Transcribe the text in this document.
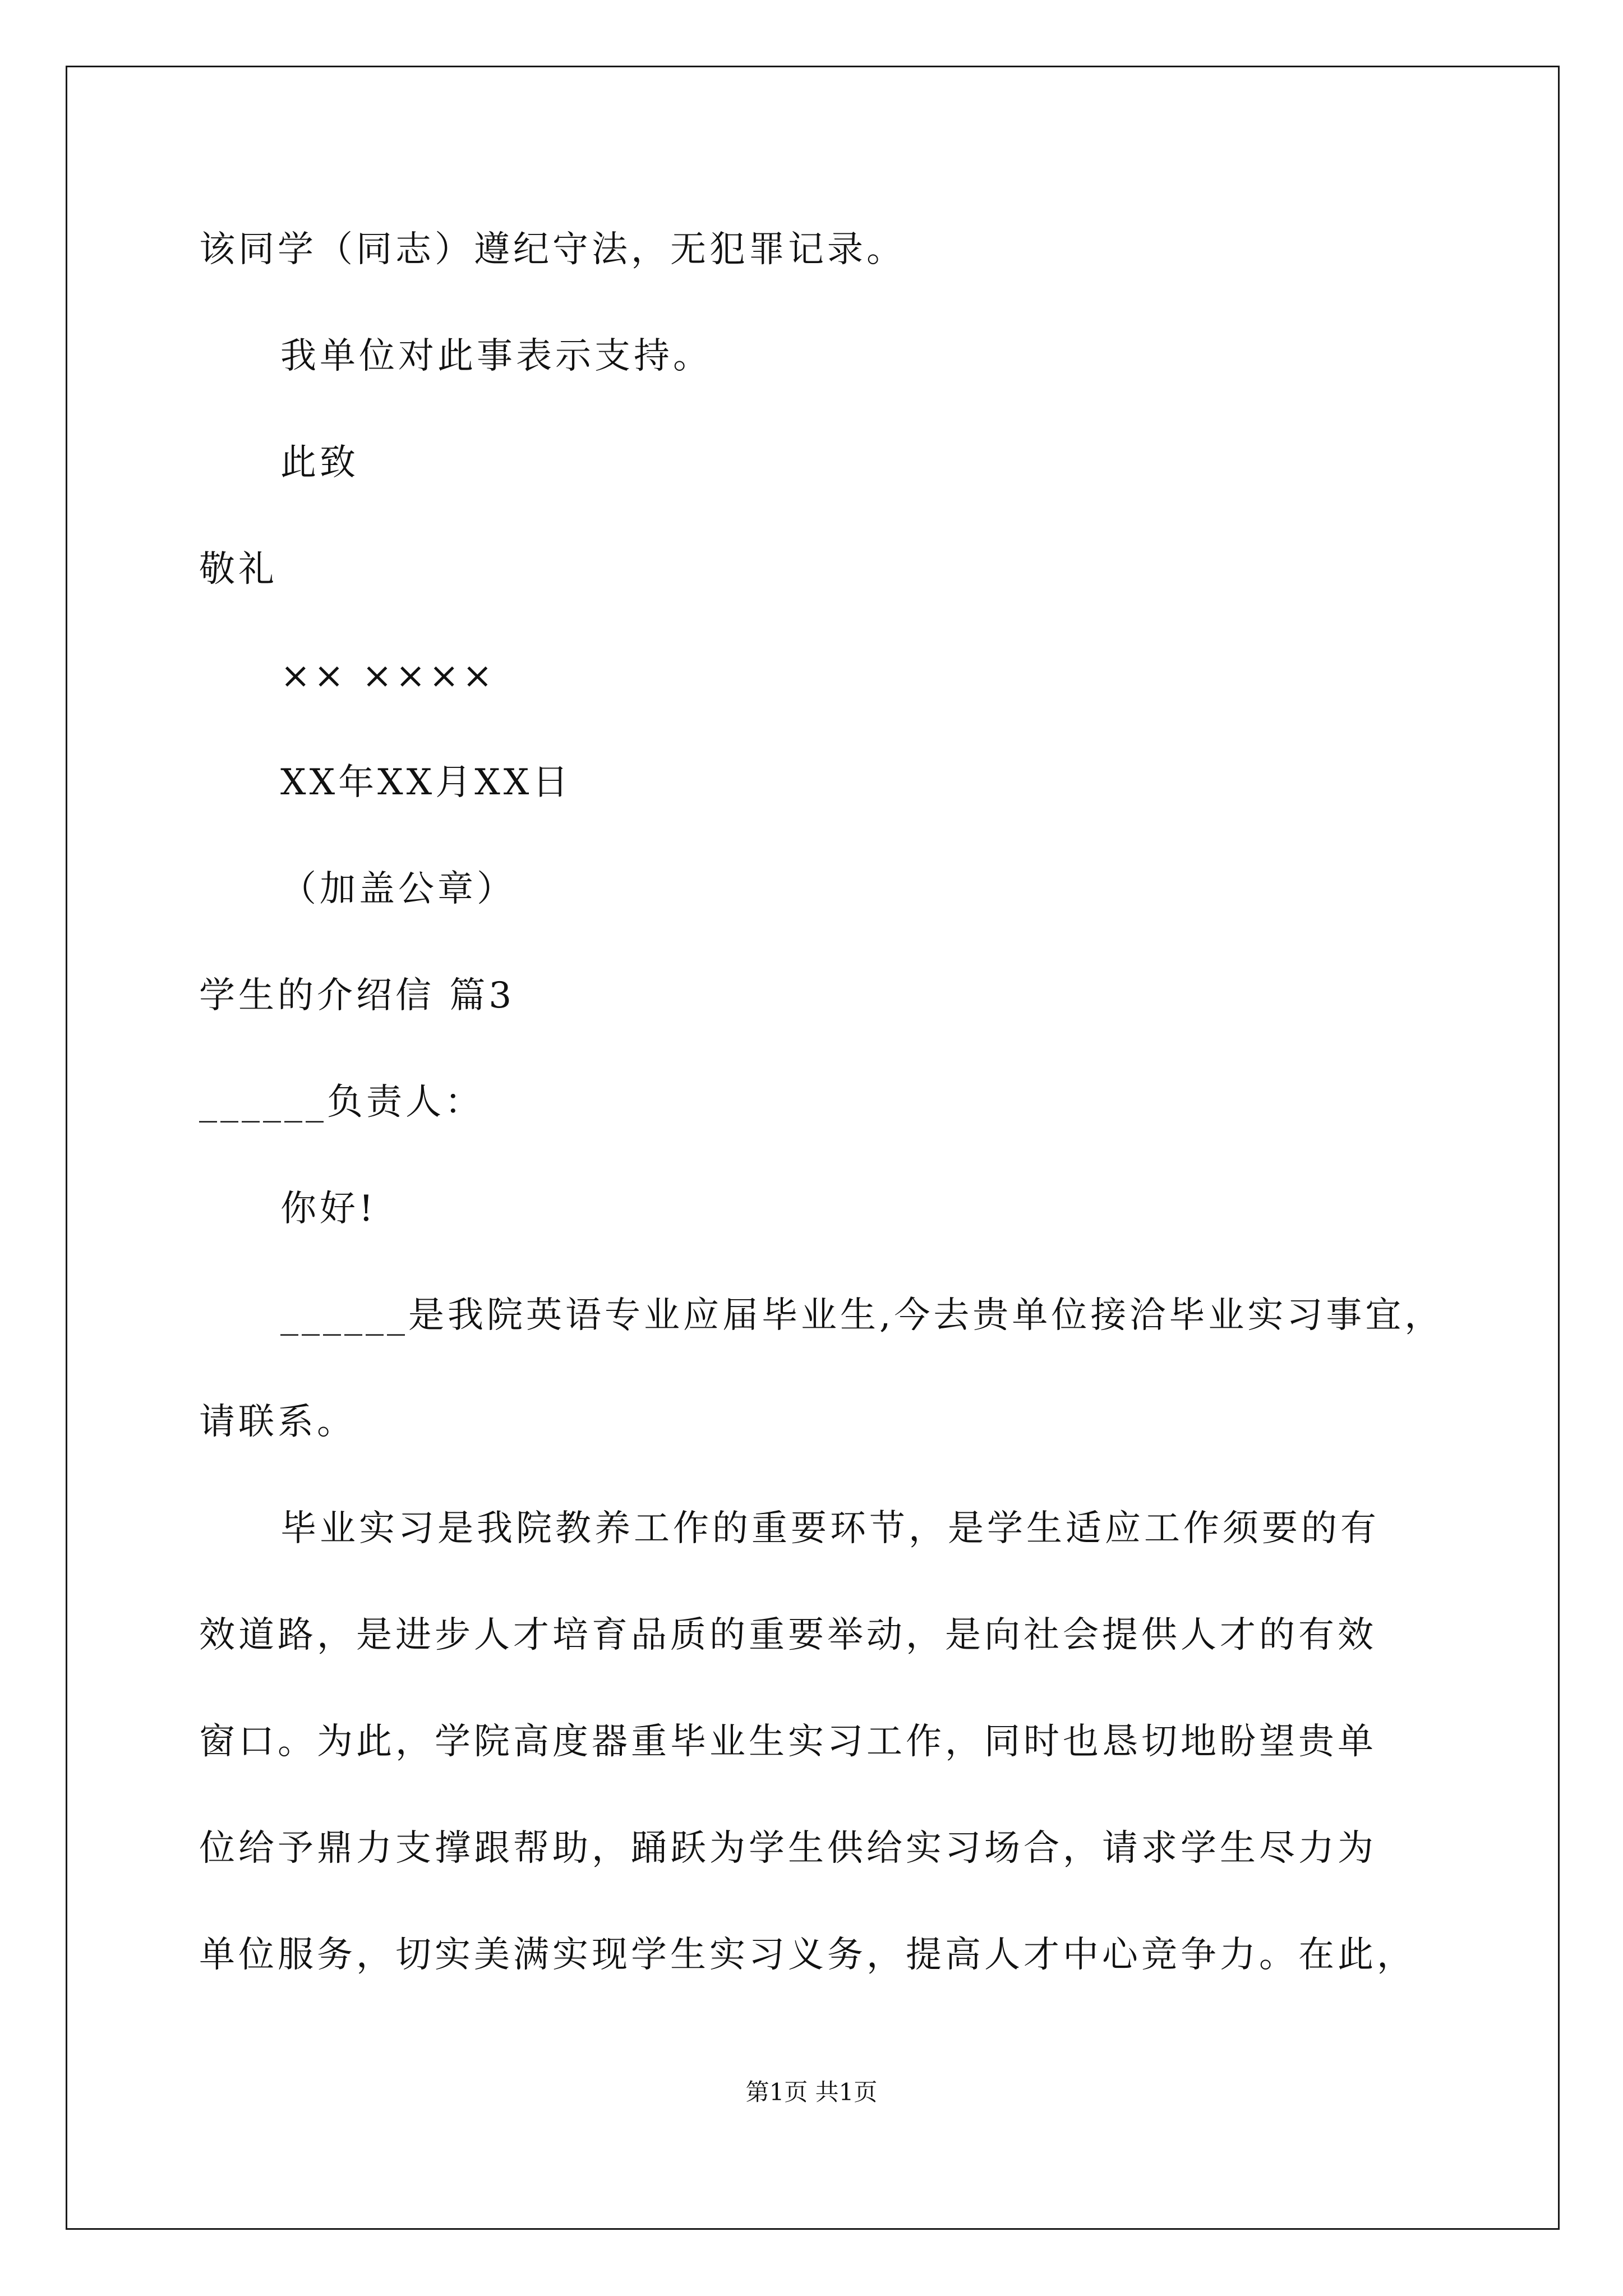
该同学（同志）遵纪守法，无犯罪记录。

我单位对此事表示支持。

此致

敬礼

×× ××××

XX年XX月XX日

（加盖公章）

学生的介绍信 篇3

______负责人：

你好!

______是我院英语专业应届毕业生,今去贵单位接洽毕业实习事宜，

请联系。

毕业实习是我院教养工作的重要环节，是学生适应工作须要的有

效道路，是进步人才培育品质的重要举动，是向社会提供人才的有效

窗口。为此，学院高度器重毕业生实习工作，同时也恳切地盼望贵单

位给予鼎力支撑跟帮助，踊跃为学生供给实习场合，请求学生尽力为

单位服务，切实美满实现学生实习义务，提高人才中心竞争力。在此，

第1页 共1页
